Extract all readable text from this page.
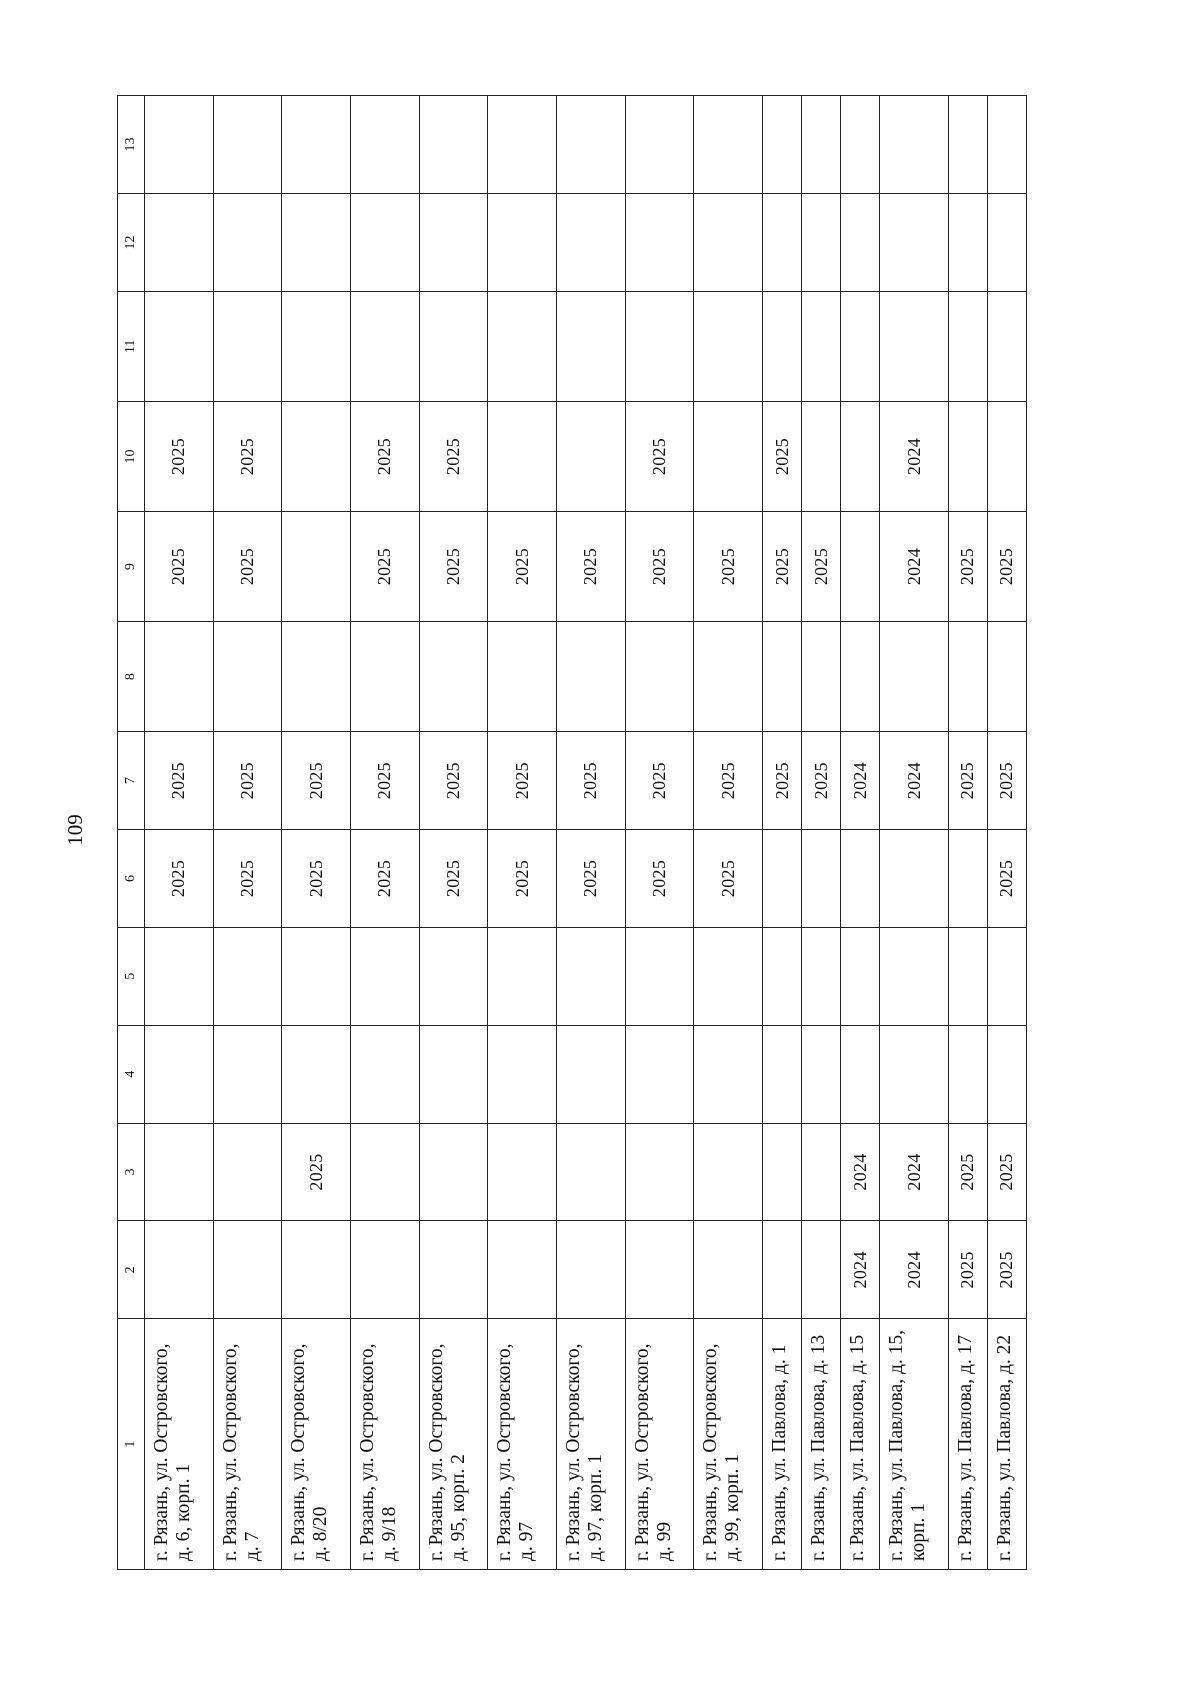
109
1	2	3	4	5	6	7	8	9	10	11	12	13
г. Рязань, ул. Островского, д. 6, корп. 1					2025	2025		2025	2025			
г. Рязань, ул. Островского, д. 7					2025	2025		2025	2025			
г. Рязань, ул. Островского, д. 8/20		2025			2025	2025						
г. Рязань, ул. Островского, д. 9/18					2025	2025		2025	2025			
г. Рязань, ул. Островского, д. 95, корп. 2					2025	2025		2025	2025			
г. Рязань, ул. Островского, д. 97					2025	2025		2025				
г. Рязань, ул. Островского, д. 97, корп. 1					2025	2025		2025				
г. Рязань, ул. Островского, д. 99					2025	2025		2025	2025			
г. Рязань, ул. Островского, д. 99, корп. 1					2025	2025		2025				
г. Рязань, ул. Павлова, д. 1						2025		2025	2025			
г. Рязань, ул. Павлова, д. 13						2025		2025				
г. Рязань, ул. Павлова, д. 15	2024	2024				2024						
г. Рязань, ул. Павлова, д. 15, корп. 1	2024	2024				2024		2024	2024			
г. Рязань, ул. Павлова, д. 17	2025	2025				2025		2025				
г. Рязань, ул. Павлова, д. 22	2025	2025			2025	2025		2025				
